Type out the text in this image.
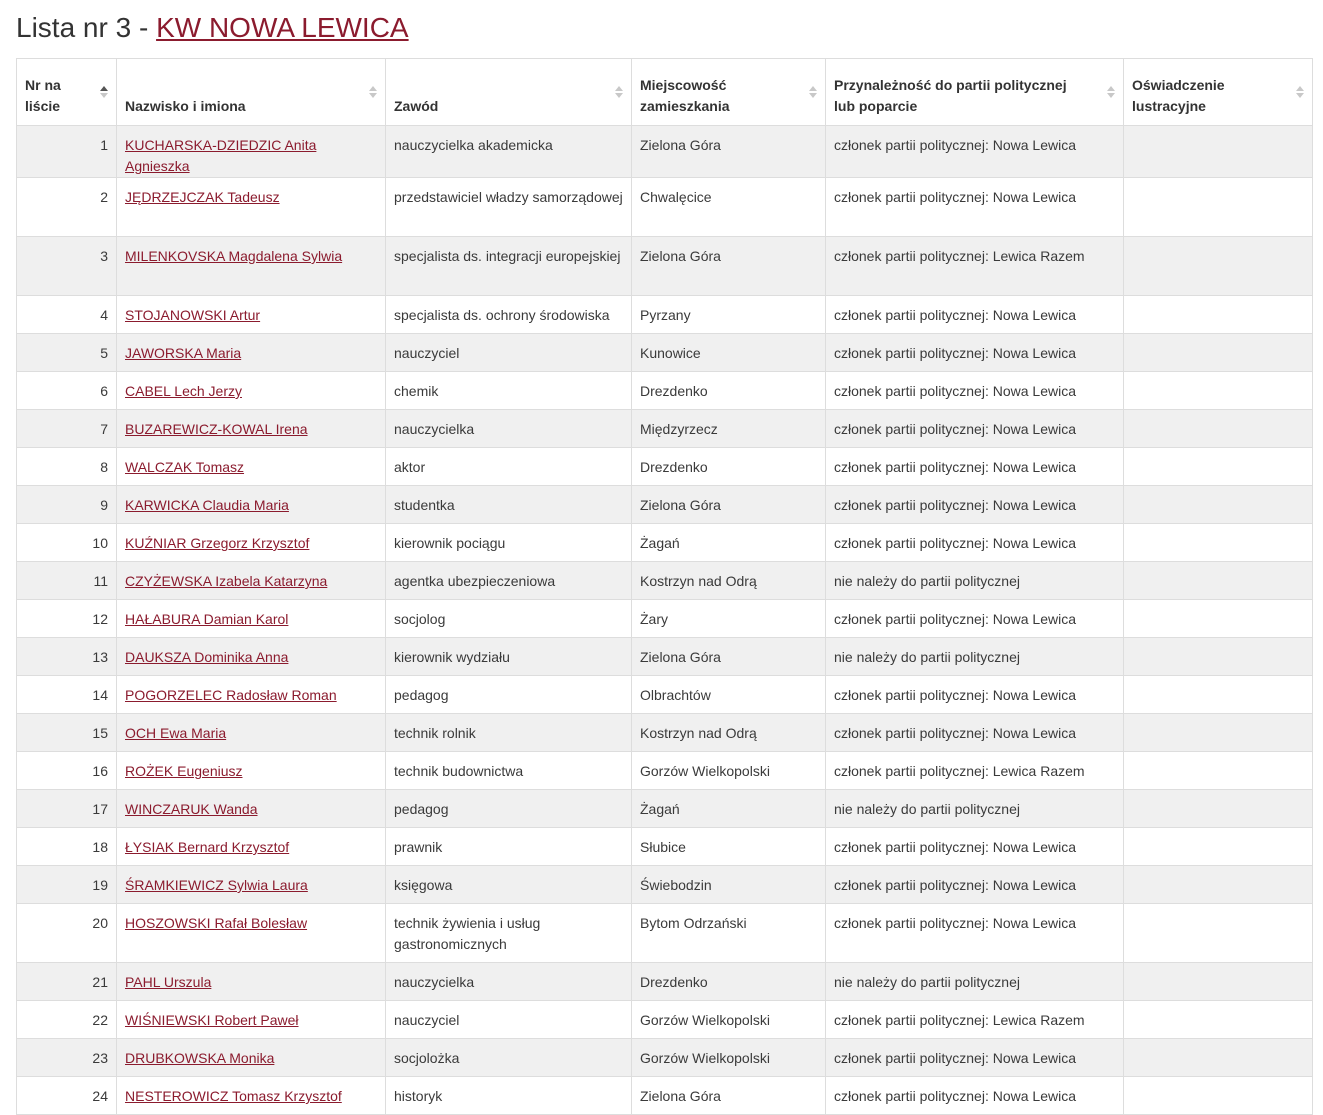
Lista nr 3 - KW NOWA LEWICA
Nr na liście	Nazwisko i imiona	Zawód	Miejscowość zamieszkania	Przynależność do partii politycznej lub poparcie	Oświadczenie lustracyjne

1	KUCHARSKA-DZIEDZIC Anita Agnieszka	nauczycielka akademicka	Zielona Góra	członek partii politycznej: Nowa Lewica	
2	JĘDRZEJCZAK Tadeusz	przedstawiciel władzy samorządowej	Chwalęcice	członek partii politycznej: Nowa Lewica	
3	MILENKOVSKA Magdalena Sylwia	specjalista ds. integracji europejskiej	Zielona Góra	członek partii politycznej: Lewica Razem	
4	STOJANOWSKI Artur	specjalista ds. ochrony środowiska	Pyrzany	członek partii politycznej: Nowa Lewica	
5	JAWORSKA Maria	nauczyciel	Kunowice	członek partii politycznej: Nowa Lewica	
6	CABEL Lech Jerzy	chemik	Drezdenko	członek partii politycznej: Nowa Lewica	
7	BUZAREWICZ-KOWAL Irena	nauczycielka	Międzyrzecz	członek partii politycznej: Nowa Lewica	
8	WALCZAK Tomasz	aktor	Drezdenko	członek partii politycznej: Nowa Lewica	
9	KARWICKA Claudia Maria	studentka	Zielona Góra	członek partii politycznej: Nowa Lewica	
10	KUŹNIAR Grzegorz Krzysztof	kierownik pociągu	Żagań	członek partii politycznej: Nowa Lewica	
11	CZYŻEWSKA Izabela Katarzyna	agentka ubezpieczeniowa	Kostrzyn nad Odrą	nie należy do partii politycznej	
12	HAŁABURA Damian Karol	socjolog	Żary	członek partii politycznej: Nowa Lewica	
13	DAUKSZA Dominika Anna	kierownik wydziału	Zielona Góra	nie należy do partii politycznej	
14	POGORZELEC Radosław Roman	pedagog	Olbrachtów	członek partii politycznej: Nowa Lewica	
15	OCH Ewa Maria	technik rolnik	Kostrzyn nad Odrą	członek partii politycznej: Nowa Lewica	
16	ROŻEK Eugeniusz	technik budownictwa	Gorzów Wielkopolski	członek partii politycznej: Lewica Razem	
17	WINCZARUK Wanda	pedagog	Żagań	nie należy do partii politycznej	
18	ŁYSIAK Bernard Krzysztof	prawnik	Słubice	członek partii politycznej: Nowa Lewica	
19	ŚRAMKIEWICZ Sylwia Laura	księgowa	Świebodzin	członek partii politycznej: Nowa Lewica	
20	HOSZOWSKI Rafał Bolesław	technik żywienia i usług gastronomicznych	Bytom Odrzański	członek partii politycznej: Nowa Lewica	
21	PAHL Urszula	nauczycielka	Drezdenko	nie należy do partii politycznej	
22	WIŚNIEWSKI Robert Paweł	nauczyciel	Gorzów Wielkopolski	członek partii politycznej: Lewica Razem	
23	DRUBKOWSKA Monika	socjolożka	Gorzów Wielkopolski	członek partii politycznej: Nowa Lewica	
24	NESTEROWICZ Tomasz Krzysztof	historyk	Zielona Góra	członek partii politycznej: Nowa Lewica	
